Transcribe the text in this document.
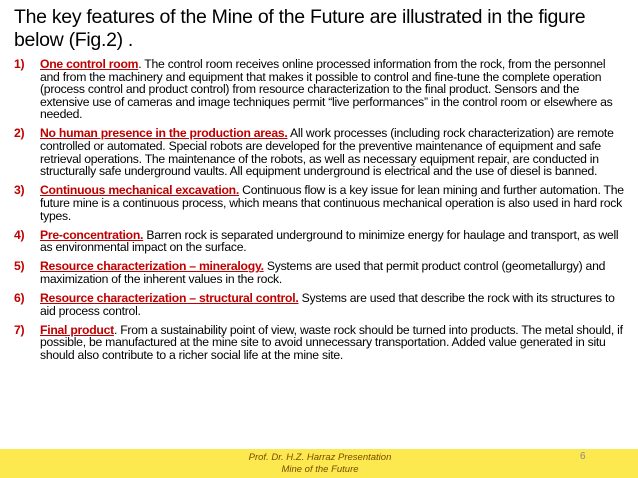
The key features of the Mine of the Future are illustrated in the figure below (Fig.2) .
1) One control room. The control room receives online processed information from the rock, from the personnel and from the machinery and equipment that makes it possible to control and fine-tune the complete operation (process control and product control) from resource characterization to the final product. Sensors and the extensive use of cameras and image techniques permit “live performances” in the control room or elsewhere as needed.
2) No human presence in the production areas. All work processes (including rock characterization) are remote controlled or automated. Special robots are developed for the preventive maintenance of equipment and safe retrieval operations. The maintenance of the robots, as well as necessary equipment repair, are conducted in structurally safe underground vaults. All equipment underground is electrical and the use of diesel is banned.
3) Continuous mechanical excavation. Continuous flow is a key issue for lean mining and further automation. The future mine is a continuous process, which means that continuous mechanical operation is also used in hard rock types.
4) Pre-concentration. Barren rock is separated underground to minimize energy for haulage and transport, as well as environmental impact on the surface.
5) Resource characterization – mineralogy. Systems are used that permit product control (geometallurgy) and maximization of the inherent values in the rock.
6) Resource characterization – structural control. Systems are used that describe the rock with its structures to aid process control.
7) Final product. From a sustainability point of view, waste rock should be turned into products. The metal should, if possible, be manufactured at the mine site to avoid unnecessary transportation. Added value generated in situ should also contribute to a richer social life at the mine site.
Prof. Dr. H.Z. Harraz Presentation
Mine of the Future
6
